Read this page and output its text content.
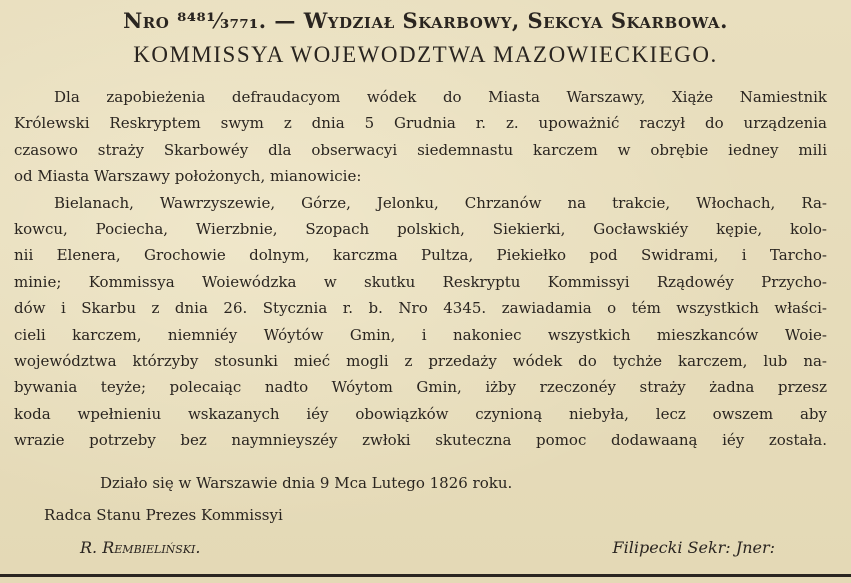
Nro ⁸⁴⁸¹⁄₃₇₇₁. — Wydział Skarbowy, Sekcya Skarbowa.
KOMMISSYA WOJEWODZTWA MAZOWIECKIEGO.
Dla zapobieżenia defraudacyom wódek do Miasta Warszawy, Xiąże Namiestnik
Królewski Reskryptem swym z dnia 5 Grudnia r. z. upoważnić raczył do urządzenia
czasowo straży Skarbowéy dla obserwacyi siedemnastu karczem w obrębie iedney mili
od Miasta Warszawy położonych, mianowicie:
Bielanach, Wawrzyszewie, Górze, Jelonku, Chrzanów na trakcie, Włochach, Ra-
kowcu, Pociecha, Wierzbnie, Szopach polskich, Siekierki, Gocławskiéy kępie, kolo-
nii Elenera, Grochowie dolnym, karczma Pultza, Piekiełko pod Swidrami, i Tarcho-
minie; Kommissya Woiewódzka w skutku Reskryptu Kommissyi Rządowéy Przycho-
dów i Skarbu z dnia 26. Stycznia r. b. Nro 4345. zawiadamia o tém wszystkich właści-
cieli karczem, niemniéy Wóytów Gmin, i nakoniec wszystkich mieszkanców Woie-
województwa którzyby stosunki mieć mogli z przedaży wódek do tychże karczem, lub na-
bywania teyże; polecaiąc nadto Wóytom Gmin, iżby rzeczonéy straży żadna przesz
koda wpełnieniu wskazanych iéy obowiązków czynioną niebyła, lecz owszem aby
wrazie potrzeby bez naymnieyszéy zwłoki skuteczna pomoc dodawaaną iéy została.
Działo się w Warszawie dnia 9 Mca Lutego 1826 roku.
Radca Stanu Prezes Kommissyi
R. Rembieliński.	Filipecki Sekr: Jner:
